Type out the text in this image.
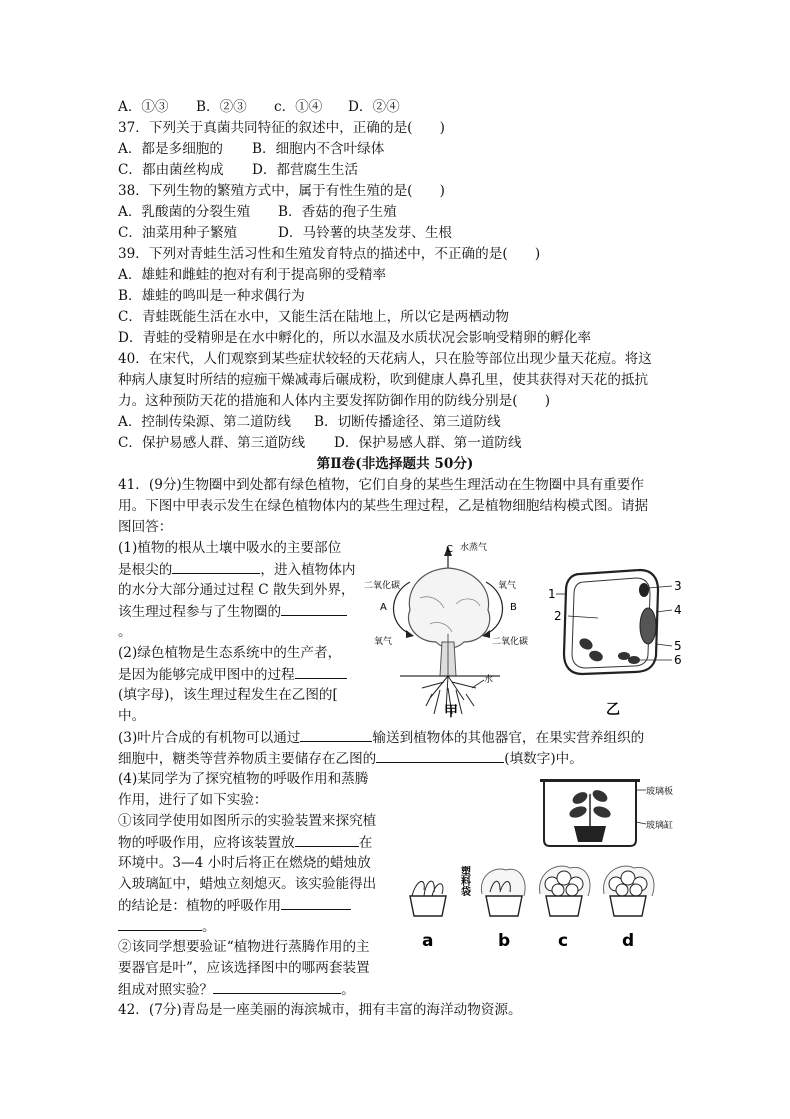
A．①③ B．②③ c．①④ D．②④
37．下列关于真菌共同特征的叙述中，正确的是(　　)
A．都是多细胞的 B．细胞内不含叶绿体
C．都由菌丝构成 D．都营腐生生活
38．下列生物的繁殖方式中，属于有性生殖的是(　　)
A．乳酸菌的分裂生殖 B．香菇的孢子生殖
C．油菜用种子繁殖	D．马铃薯的块茎发芽、生根
39．下列对青蛙生活习性和生殖发育特点的描述中，不正确的是(　　)
A．雄蛙和雌蛙的抱对有利于提高卵的受精率
B．雄蛙的鸣叫是一种求偶行为
C．青蛙既能生活在水中，又能生活在陆地上，所以它是两栖动物
D．青蛙的受精卵是在水中孵化的，所以水温及水质状况会影响受精卵的孵化率
40．在宋代，人们观察到某些症状较轻的天花病人，只在脸等部位出现少量天花痘。将这
种病人康复时所结的痘痂干燥减毒后碾成粉，吹到健康人鼻孔里，使其获得对天花的抵抗
力。这种预防天花的措施和人体内主要发挥防御作用的防线分别是(　　)
A．控制传染源、第二道防线 B．切断传播途径、第三道防线
C．保护易感人群、第三道防线 D．保护易感人群、第一道防线
第Ⅱ卷(非选择题共 50分)
41．(9分)生物圈中到处都有绿色植物，它们自身的某些生理活动在生物圈中具有重要作
用。下图中甲表示发生在绿色植物体内的某些生理过程，乙是植物细胞结构模式图。请据
图回答：
(1)植物的根从土壤中吸水的主要部位
是根尖的	，进入植物体内
的水分大部分通过过程 C 散失到外界，
该生理过程参与了生物圈的
。
(2)绿色植物是生态系统中的生产者，
是因为能够完成甲图中的过程
(填字母)，该生理过程发生在乙图的[
中。
(3)叶片合成的有机物可以通过	输送到植物体的其他器官，在果实营养组织的
细胞中，糖类等营养物质主要储存在乙图的	(填数字)中。
(4)某同学为了探究植物的呼吸作用和蒸腾
作用，进行了如下实验：
①该同学使用如图所示的实验装置来探究植
物的呼吸作用，应将该装置放	在
环境中。3—4 小时后将正在燃烧的蜡烛放
入玻璃缸中，蜡烛立刻熄灭。该实验能得出
的结论是：植物的呼吸作用
。
②该同学想要验证“植物进行蒸腾作用的主
要器官是叶”，应该选择图中的哪两套装置
组成对照实验？	。
42．(7分)青岛是一座美丽的海滨城市，拥有丰富的海洋动物资源。
C 水蒸气
水
二氧化碳
A
氧气
氧气
B
二氧化碳
甲
1
2
3
4
5
6
乙
玻璃板
玻璃缸
塑料袋
a	b	c	d
